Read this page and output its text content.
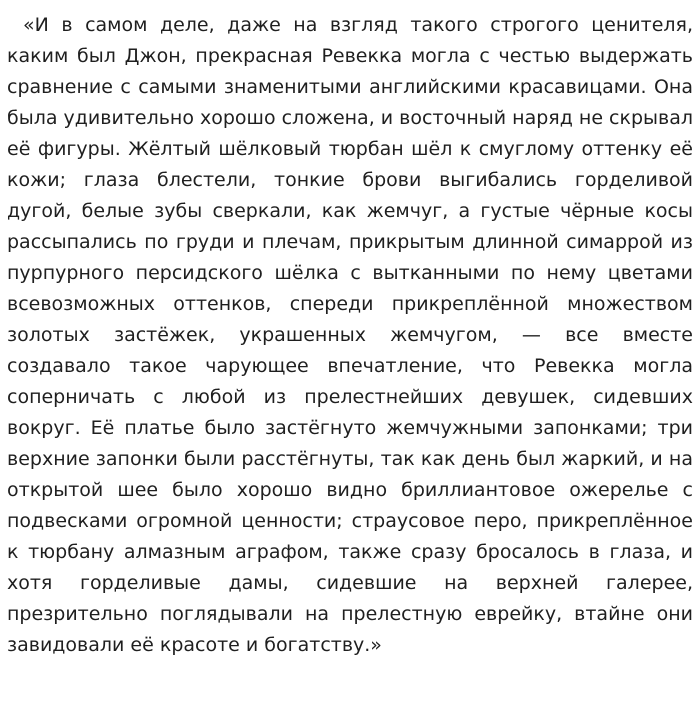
«И в самом деле, даже на взгляд такого строгого ценителя, каким был Джон, прекрасная Ревекка могла с честью выдержать сравнение с самыми знаменитыми английскими красавицами. Она была удивительно хорошо сложена, и восточный наряд не скрывал её фигуры. Жёлтый шёлковый тюрбан шёл к смуглому оттенку её кожи; глаза блестели, тонкие брови выгибались горделивой дугой, белые зубы сверкали, как жемчуг, а густые чёрные косы рассыпались по груди и плечам, прикрытым длинной симаррой из пурпурного персидского шёлка с вытканными по нему цветами всевозможных оттенков, спереди прикреплённой множеством золотых застёжек, украшенных жемчугом, — все вместе создавало такое чарующее впечатление, что Ревекка могла соперничать с любой из прелестнейших девушек, сидевших вокруг. Её платье было застёгнуто жемчужными запонками; три верхние запонки были расстёгнуты, так как день был жаркий, и на открытой шее было хорошо видно бриллиантовое ожерелье с подвесками огромной ценности; страусовое перо, прикреплённое к тюрбану алмазным аграфом, также сразу бросалось в глаза, и хотя горделивые дамы, сидевшие на верхней галерее, презрительно поглядывали на прелестную еврейку, втайне они завидовали её красоте и богатству.»
